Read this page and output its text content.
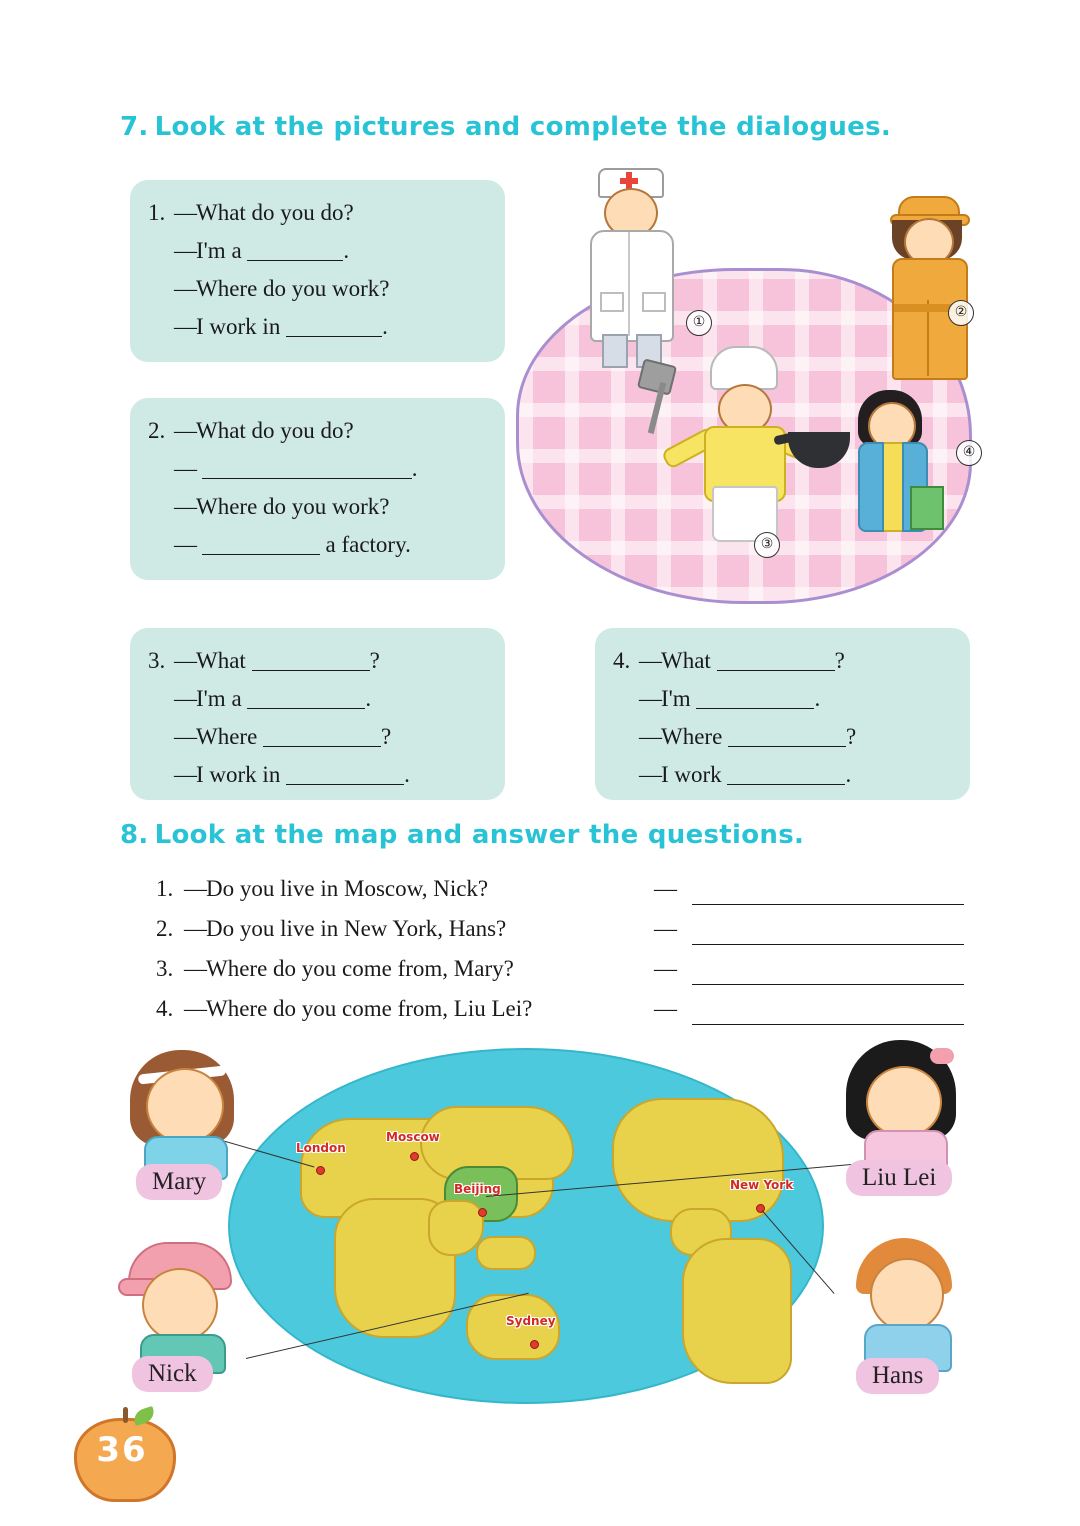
7. Look at the pictures and complete the dialogues.
1. —What do you do?
—I'm a	.
—Where do you work?
—I work in	.
2. —What do you do?
—	.
—Where do you work?
—	a factory.
①
②
③
④
3. —What	?
—I'm a	.
—Where	?
—I work in	.
4. —What	?
—I'm	.
—Where	?
—I work	.
8. Look at the map and answer the questions.
1. —Do you live in Moscow, Nick?	—
2. —Do you live in New York, Hans?	—
3. —Where do you come from, Mary?	—
4. —Where do you come from, Liu Lei?	—
London
Moscow
Beijing	New York
Sydney
Mary	Liu Lei
Nick	Hans
36
